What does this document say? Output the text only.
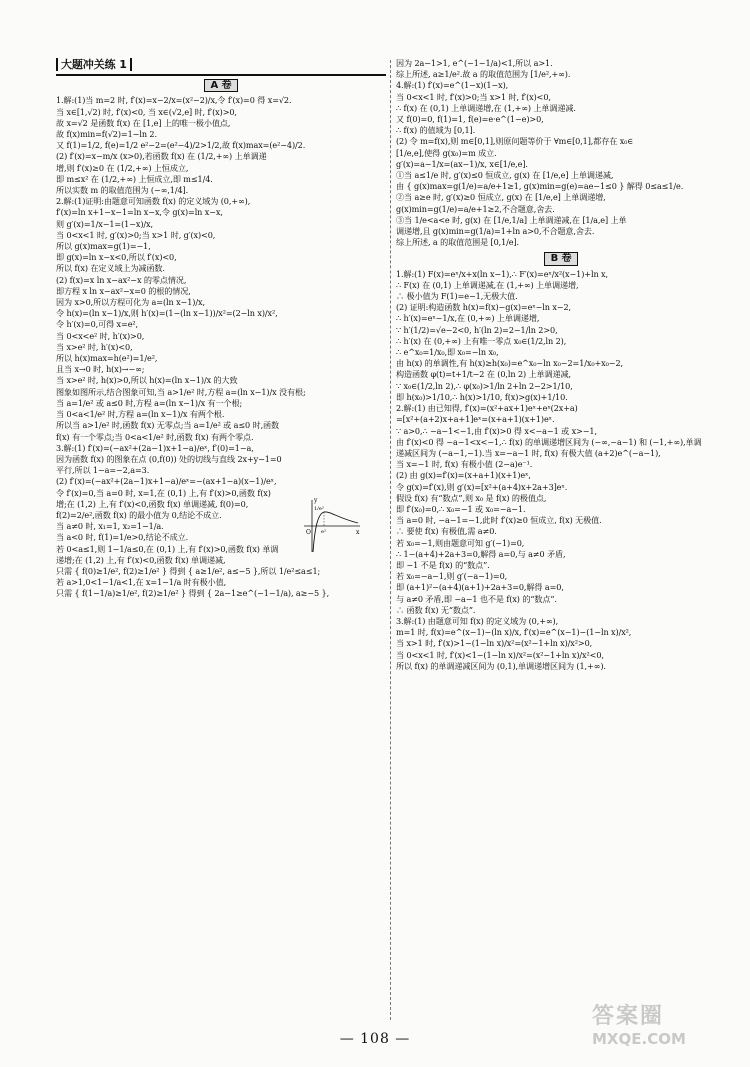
大题冲关练 1
A 卷
1.解:(1)当 m=2 时, f′(x)=x−2/x=(x²−2)/x,令 f′(x)=0 得 x=√2.
当 x∈[1,√2) 时, f′(x)<0, 当 x∈(√2,e] 时, f′(x)>0,
故 x=√2 是函数 f(x) 在 [1,e] 上的唯一极小值点,
故 f(x)min=f(√2)=1−ln 2.
又 f(1)=1/2, f(e)=1/2 e²−2=(e²−4)/2>1/2,故 f(x)max=(e²−4)/2.
(2) f′(x)=x−m/x (x>0),若函数 f(x) 在 (1/2,+∞) 上单调递
增,则 f′(x)≥0 在 (1/2,+∞) 上恒成立,
即 m≤x² 在 (1/2,+∞) 上恒成立,即 m≤1/4.
所以实数 m 的取值范围为 (−∞,1/4].
2.解:(1)证明:由题意可知函数 f(x) 的定义域为 (0,+∞),
f′(x)=ln x+1−x−1=ln x−x,令 g(x)=ln x−x,
则 g′(x)=1/x−1=(1−x)/x,
当 0<x<1 时, g′(x)>0;当 x>1 时, g′(x)<0,
所以 g(x)max=g(1)=−1,
即 g(x)=ln x−x<0,所以 f′(x)<0,
所以 f(x) 在定义域上为减函数.
(2) f(x)=x ln x−ax²−x 的零点情况,
即方程 x ln x−ax²−x=0 的根的情况,
因为 x>0,所以方程可化为 a=(ln x−1)/x,
令 h(x)=(ln x−1)/x,则 h′(x)=(1−(ln x−1))/x²=(2−ln x)/x²,
令 h′(x)=0,可得 x=e²,
当 0<x<e² 时, h′(x)>0,
当 x>e² 时, h′(x)<0,
所以 h(x)max=h(e²)=1/e²,
且当 x→0 时, h(x)→−∞;
当 x>e² 时, h(x)>0,所以 h(x)=(ln x−1)/x 的大致
图象如图所示,结合图象可知,当 a>1/e² 时,方程 a=(ln x−1)/x 没有根;
当 a=1/e² 或 a≤0 时,方程 a=(ln x−1)/x 有一个根;
当 0<a<1/e² 时,方程 a=(ln x−1)/x 有两个根.
所以当 a>1/e² 时,函数 f(x) 无零点;当 a=1/e² 或 a≤0 时,函数
f(x) 有一个零点;当 0<a<1/e² 时,函数 f(x) 有两个零点.
3.解:(1) f′(x)=(−ax²+(2a−1)x+1−a)/eˣ, f′(0)=1−a,
因为函数 f(x) 的图象在点 (0,f(0)) 处的切线与直线 2x+y−1=0
平行,所以 1−a=−2,a=3.
(2) f′(x)=(−ax²+(2a−1)x+1−a)/eˣ=−(ax+1−a)(x−1)/eˣ,
令 f′(x)=0,当 a=0 时, x=1,在 (0,1) 上,有 f′(x)>0,函数 f(x)
增;在 (1,2) 上,有 f′(x)<0,函数 f(x) 单调递减, f(0)=0,
f(2)=2/e²,函数 f(x) 的最小值为 0,结论不成立.
当 a≠0 时, x₁=1, x₂=1−1/a.
当 a<0 时, f(1)=1/e>0,结论不成立.
若 0<a≤1,则 1−1/a≤0,在 (0,1) 上,有 f′(x)>0,函数 f(x) 单调
递增;在 (1,2) 上,有 f′(x)<0,函数 f(x) 单调递减,
只需 { f(0)≥1/e², f(2)≥1/e² } 得到 { a≥1/e², a≤−5 },所以 1/e²≤a≤1;
若 a>1,0<1−1/a<1,在 x=1−1/a 时有极小值,
只需 { f(1−1/a)≥1/e², f(2)≥1/e² } 得到 { 2a−1≥e^(−1−1/a), a≥−5 },
因为 2a−1>1, e^(−1−1/a)<1,所以 a>1.
综上所述, a≥1/e².故 a 的取值范围为 [1/e²,+∞).
4.解:(1) f′(x)=e^(1−x)(1−x),
当 0<x<1 时, f′(x)>0;当 x>1 时, f′(x)<0,
∴ f(x) 在 (0,1) 上单调递增,在 (1,+∞) 上单调递减.
又 f(0)=0, f(1)=1, f(e)=e·e^(1−e)>0,
∴ f(x) 的值域为 [0,1].
(2) 令 m=f(x),则 m∈[0,1],则原问题等价于 ∀m∈[0,1],都存在 x₀∈
[1/e,e],使得 g(x₀)=m 成立.
g′(x)=a−1/x=(ax−1)/x, x∈[1/e,e].
①当 a≤1/e 时, g′(x)≤0 恒成立, g(x) 在 [1/e,e] 上单调递减,
由 { g(x)max=g(1/e)=a/e+1≥1, g(x)min=g(e)=ae−1≤0 } 解得 0≤a≤1/e.
②当 a≥e 时, g′(x)≥0 恒成立, g(x) 在 [1/e,e] 上单调递增,
g(x)min=g(1/e)=a/e+1≥2,不合题意,舍去.
③当 1/e<a<e 时, g(x) 在 [1/e,1/a] 上单调递减,在 [1/a,e] 上单
调递增,且 g(x)min=g(1/a)=1+ln a>0,不合题意,舍去.
综上所述, a 的取值范围是 [0,1/e].
B 卷
1.解:(1) F(x)=eˣ/x+x(ln x−1),∴ F′(x)=eˣ/x²(x−1)+ln x,
∴ F(x) 在 (0,1) 上单调递减,在 (1,+∞) 上单调递增,
∴ 极小值为 F(1)=e−1,无极大值.
(2) 证明:构造函数 h(x)=f(x)−g(x)=eˣ−ln x−2,
∴ h′(x)=eˣ−1/x,在 (0,+∞) 上单调递增,
∵ h′(1/2)=√e−2<0, h′(ln 2)=2−1/ln 2>0,
∴ h′(x) 在 (0,+∞) 上有唯一零点 x₀∈(1/2,ln 2),
∴ e^x₀=1/x₀,即 x₀=−ln x₀,
由 h(x) 的单调性,有 h(x)≥h(x₀)=e^x₀−ln x₀−2=1/x₀+x₀−2,
构造函数 φ(t)=t+1/t−2 在 (0,ln 2) 上单调递减,
∵ x₀∈(1/2,ln 2),∴ φ(x₀)>1/ln 2+ln 2−2>1/10,
即 h(x₀)>1/10,∴ h(x)>1/10, f(x)>g(x)+1/10.
2.解:(1) 由已知得, f′(x)=(x²+ax+1)eˣ+eˣ(2x+a)
=[x²+(a+2)x+a+1]eˣ=(x+a+1)(x+1)eˣ.
∵ a>0,∴ −a−1<−1,由 f′(x)>0 得 x<−a−1 或 x>−1,
由 f′(x)<0 得 −a−1<x<−1,∴ f(x) 的单调递增区间为 (−∞,−a−1) 和 (−1,+∞),单调
递减区间为 (−a−1,−1).当 x=−a−1 时, f(x) 有极大值 (a+2)e^(−a−1),
当 x=−1 时, f(x) 有极小值 (2−a)e⁻¹.
(2) 由 g(x)=f′(x)=(x+a+1)(x+1)eˣ,
令 g(x)=f′(x),则 g′(x)=[x²+(a+4)x+2a+3]eˣ.
假设 f(x) 有“数点”,则 x₀ 是 f(x) 的极值点,
即 f′(x₀)=0,∴ x₀=−1 或 x₀=−a−1.
当 a=0 时, −a−1=−1,此时 f′(x)≥0 恒成立, f(x) 无极值.
∴ 要使 f(x) 有极值,需 a≠0.
若 x₀=−1,则由题意可知 g′(−1)=0,
∴ 1−(a+4)+2a+3=0,解得 a=0,与 a≠0 矛盾,
即 −1 不是 f(x) 的“数点”.
若 x₀=−a−1,则 g′(−a−1)=0,
即 (a+1)²−(a+4)(a+1)+2a+3=0,解得 a=0,
与 a≠0 矛盾,即 −a−1 也不是 f(x) 的“数点”.
∴ 函数 f(x) 无“数点”.
3.解:(1) 由题意可知 f(x) 的定义域为 (0,+∞),
m=1 时, f(x)=e^(x−1)−(ln x)/x, f′(x)=e^(x−1)−(1−ln x)/x²,
当 x>1 时, f′(x)>1−(1−ln x)/x²=(x²−1+ln x)/x²>0,
当 0<x<1 时, f′(x)<1−(1−ln x)/x²=(x²−1+ln x)/x²<0,
所以 f(x) 的单调递减区间为 (0,1),单调递增区间为 (1,+∞).
y
x
O
1/e²
e²
— 108 —
答案圈
MXQE.COM
